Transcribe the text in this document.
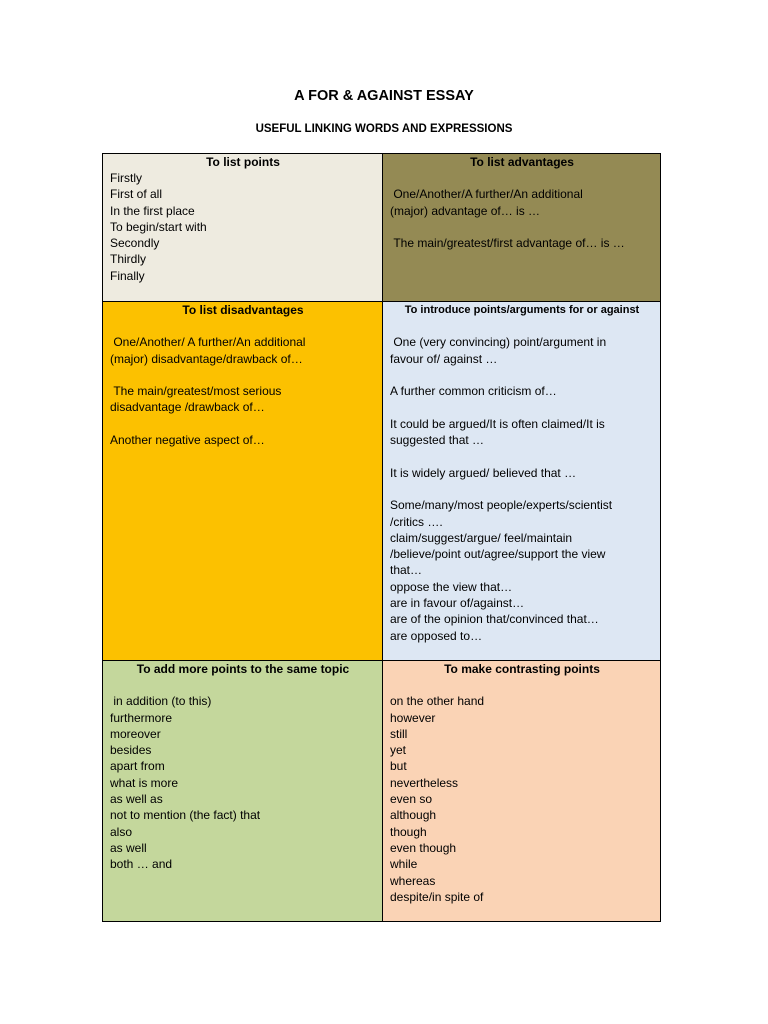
A FOR & AGAINST ESSAY
USEFUL LINKING WORDS AND EXPRESSIONS
To list points
Firstly
First of all
In the first place
To begin/start with
Secondly
Thirdly
Finally
To list advantages
One/Another/A further/An additional
(major) advantage of… is …
The main/greatest/first advantage of… is …
To list disadvantages
One/Another/ A further/An additional
(major) disadvantage/drawback of…
The main/greatest/most serious
disadvantage /drawback of…
Another negative aspect of…
To introduce points/arguments for or against
One (very convincing) point/argument in
favour of/ against …
A further common criticism of…
It could be argued/It is often claimed/It is
suggested that …
It is widely argued/ believed that …
Some/many/most people/experts/scientist
/critics ….
claim/suggest/argue/ feel/maintain
/believe/point out/agree/support the view
that…
oppose the view that…
are in favour of/against…
are of the opinion that/convinced that…
are opposed to…
To add more points to the same topic
in addition (to this)
furthermore
moreover
besides
apart from
what is more
as well as
not to mention (the fact) that
also
as well
both … and
To make contrasting points
on the other hand
however
still
yet
but
nevertheless
even so
although
though
even though
while
whereas
despite/in spite of
